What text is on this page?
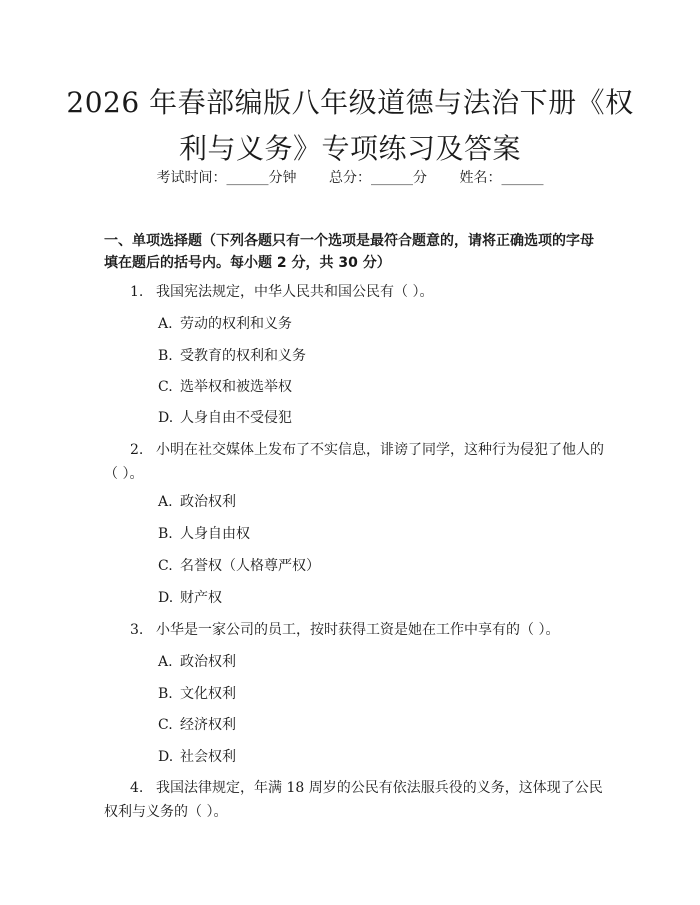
2026 年春部编版八年级道德与法治下册《权
利与义务》专项练习及答案
考试时间：______分钟 总分：______分 姓名：______
一、单项选择题（下列各题只有一个选项是最符合题意的，请将正确选项的字母
填在题后的括号内。每小题 2 分，共 30 分）
1. 我国宪法规定，中华人民共和国公民有（ ）。
A. 劳动的权利和义务
B. 受教育的权利和义务
C. 选举权和被选举权
D. 人身自由不受侵犯
2. 小明在社交媒体上发布了不实信息，诽谤了同学，这种行为侵犯了他人的
（ ）。
A. 政治权利
B. 人身自由权
C. 名誉权（人格尊严权）
D. 财产权
3. 小华是一家公司的员工，按时获得工资是她在工作中享有的（ ）。
A. 政治权利
B. 文化权利
C. 经济权利
D. 社会权利
4. 我国法律规定，年满 18 周岁的公民有依法服兵役的义务，这体现了公民
权利与义务的（ ）。
